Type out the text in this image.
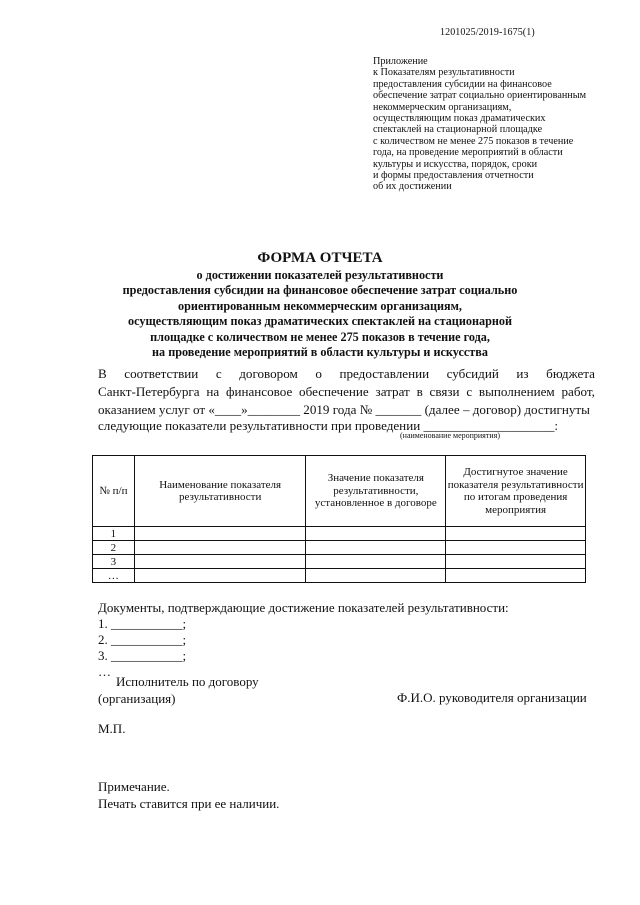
1201025/2019-1675(1)
Приложение
к Показателям результативности
предоставления субсидии на финансовое
обеспечение затрат социально ориентированным
некоммерческим организациям,
осуществляющим показ драматических
спектаклей на стационарной площадке
с количеством не менее 275 показов в течение
года, на проведение мероприятий в области
культуры и искусства, порядок, сроки
и формы предоставления отчетности
об их достижении
ФОРМА ОТЧЕТА
о достижении показателей результативности
предоставления субсидии на финансовое обеспечение затрат социально
ориентированным некоммерческим организациям,
осуществляющим показ драматических спектаклей на стационарной
площадке с количеством не менее 275 показов в течение года,
на проведение мероприятий в области культуры и искусства
В соответствии с договором о предоставлении субсидий из бюджета
Санкт-Петербурга на финансовое обеспечение затрат в связи с выполнением работ,
оказанием услуг от «____»________ 2019 года № _______ (далее – договор) достигнуты
следующие показатели результативности при проведении ____________________:
(наименование мероприятия)
№ п/п	Наименование показателя результативности	Значение показателя результативности, установленное в договоре	Достигнутое значение показателя результативности по итогам проведения мероприятия
1			
2			
3			
…			
Документы, подтверждающие достижение показателей результативности:
1. ___________;
2. ___________;
3. ___________;
…
Исполнитель по договору
(организация)	Ф.И.О. руководителя организации
М.П.
Примечание.
Печать ставится при ее наличии.
